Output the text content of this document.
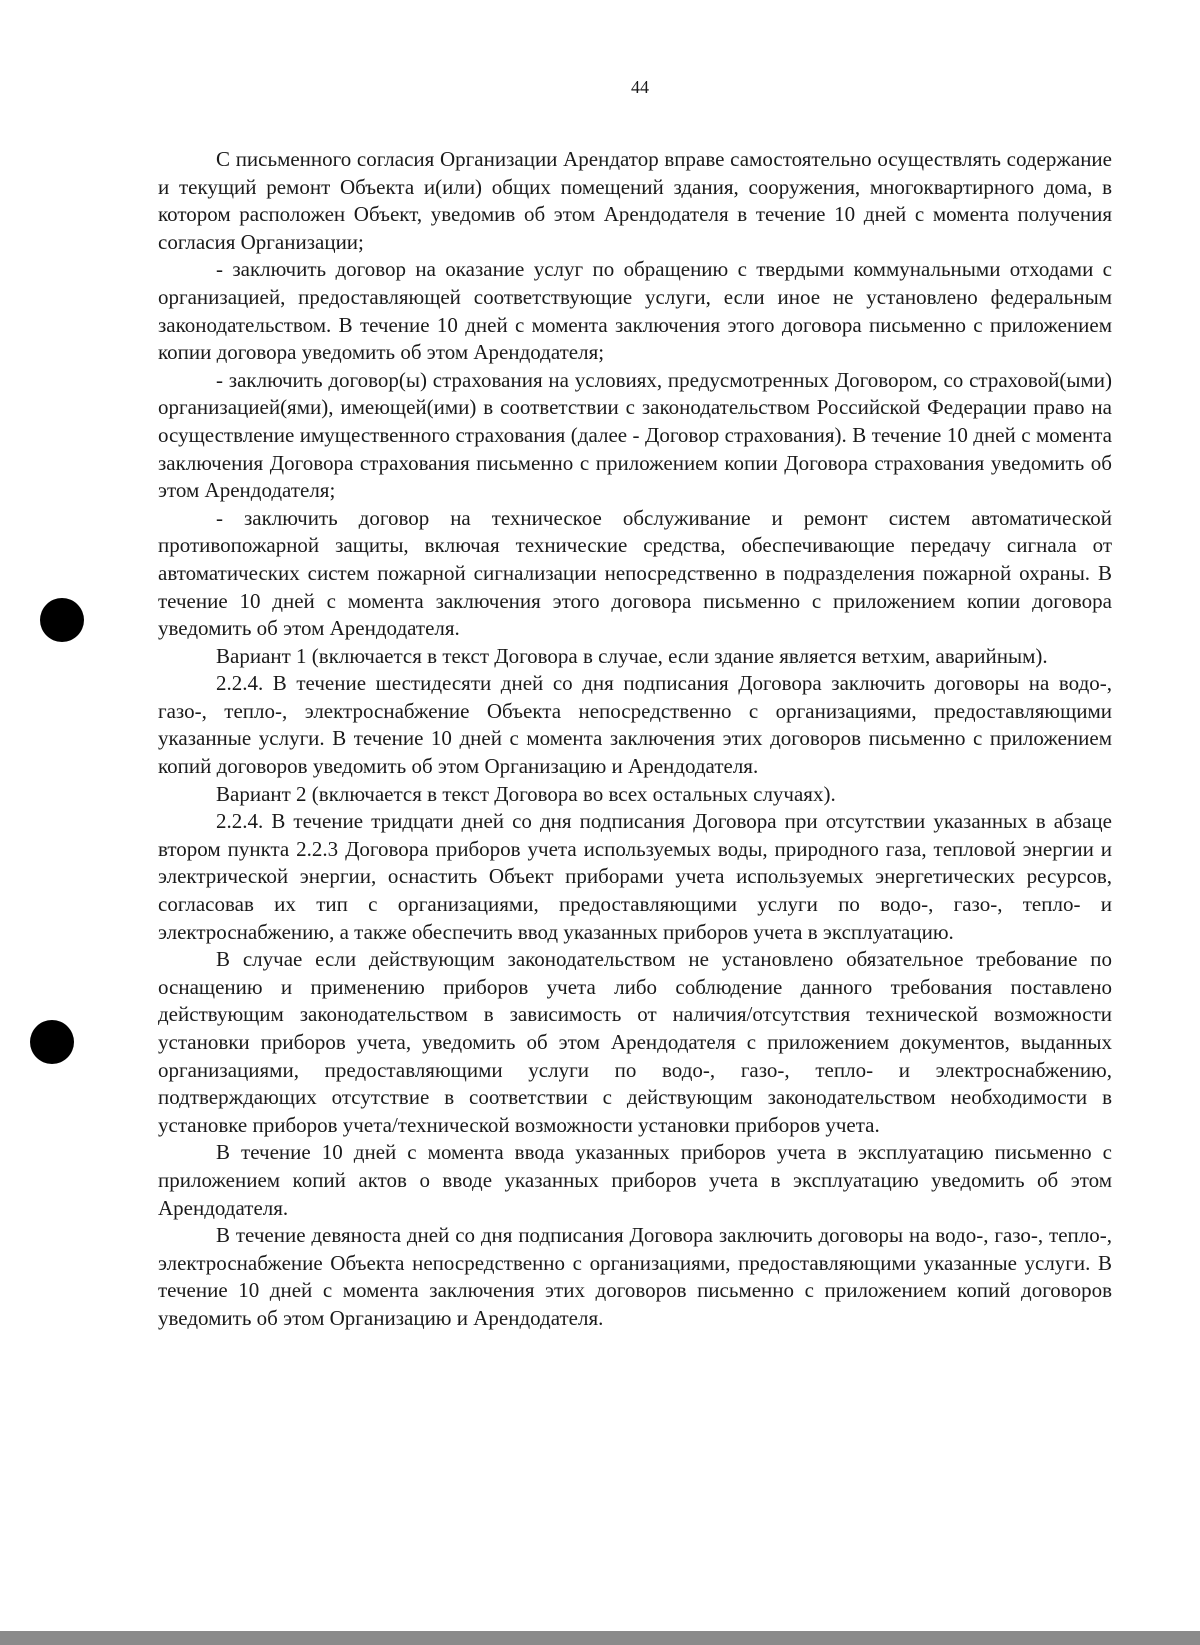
44

С письменного согласия Организации Арендатор вправе самостоятельно осуществлять содержание и текущий ремонт Объекта и(или) общих помещений здания, сооружения, многоквартирного дома, в котором расположен Объект, уведомив об этом Арендодателя в течение 10 дней с момента получения согласия Организации;

- заключить договор на оказание услуг по обращению с твердыми коммунальными отходами с организацией, предоставляющей соответствующие услуги, если иное не установлено федеральным законодательством. В течение 10 дней с момента заключения этого договора письменно с приложением копии договора уведомить об этом Арендодателя;

- заключить договор(ы) страхования на условиях, предусмотренных Договором, со страховой(ыми) организацией(ями), имеющей(ими) в соответствии с законодательством Российской Федерации право на осуществление имущественного страхования (далее - Договор страхования). В течение 10 дней с момента заключения Договора страхования письменно с приложением копии Договора страхования уведомить об этом Арендодателя;

- заключить договор на техническое обслуживание и ремонт систем автоматической противопожарной защиты, включая технические средства, обеспечивающие передачу сигнала от автоматических систем пожарной сигнализации непосредственно в подразделения пожарной охраны. В течение 10 дней с момента заключения этого договора письменно с приложением копии договора уведомить об этом Арендодателя.

Вариант 1 (включается в текст Договора в случае, если здание является ветхим, аварийным).

2.2.4. В течение шестидесяти дней со дня подписания Договора заключить договоры на водо-, газо-, тепло-, электроснабжение Объекта непосредственно с организациями, предоставляющими указанные услуги. В течение 10 дней с момента заключения этих договоров письменно с приложением копий договоров уведомить об этом Организацию и Арендодателя.

Вариант 2 (включается в текст Договора во всех остальных случаях).

2.2.4. В течение тридцати дней со дня подписания Договора при отсутствии указанных в абзаце втором пункта 2.2.3 Договора приборов учета используемых воды, природного газа, тепловой энергии и электрической энергии, оснастить Объект приборами учета используемых энергетических ресурсов, согласовав их тип с организациями, предоставляющими услуги по водо-, газо-, тепло- и электроснабжению, а также обеспечить ввод указанных приборов учета в эксплуатацию.

В случае если действующим законодательством не установлено обязательное требование по оснащению и применению приборов учета либо соблюдение данного требования поставлено действующим законодательством в зависимость от наличия/отсутствия технической возможности установки приборов учета, уведомить об этом Арендодателя с приложением документов, выданных организациями, предоставляющими услуги по водо-, газо-, тепло- и электроснабжению, подтверждающих отсутствие в соответствии с действующим законодательством необходимости в установке приборов учета/технической возможности установки приборов учета.

В течение 10 дней с момента ввода указанных приборов учета в эксплуатацию письменно с приложением копий актов о вводе указанных приборов учета в эксплуатацию уведомить об этом Арендодателя.

В течение девяноста дней со дня подписания Договора заключить договоры на водо-, газо-, тепло-, электроснабжение Объекта непосредственно с организациями, предоставляющими указанные услуги. В течение 10 дней с момента заключения этих договоров письменно с приложением копий договоров уведомить об этом Организацию и Арендодателя.
